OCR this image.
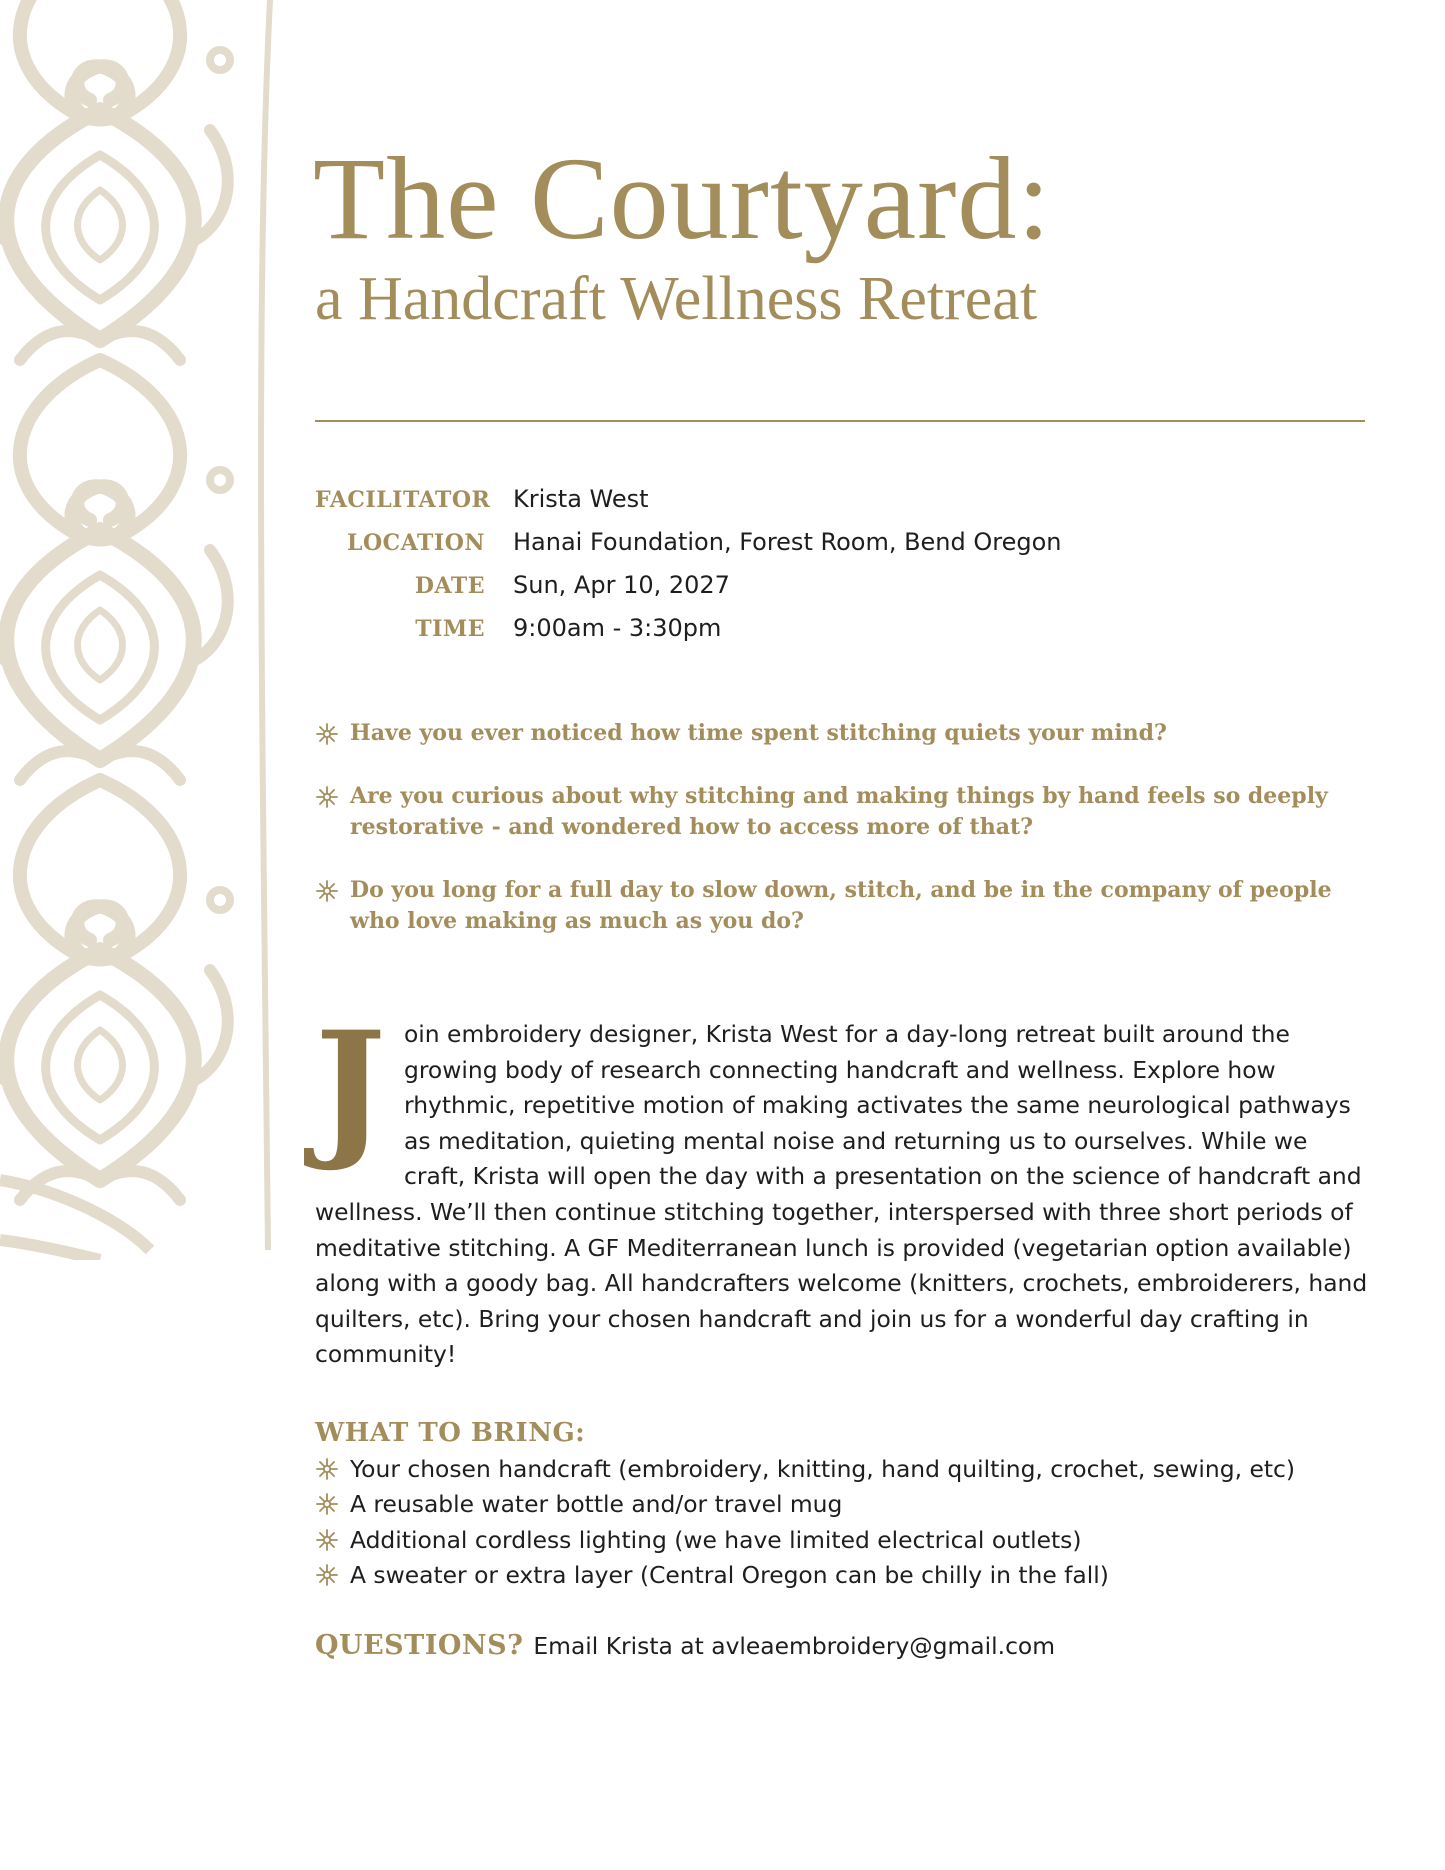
The Courtyard:
a Handcraft Wellness Retreat
FACILITATOR Krista West
LOCATION	Hanai Foundation, Forest Room, Bend Oregon
DATE	Sun, Apr 10, 2027
TIME	9:00am - 3:30pm
Have you ever noticed how time spent stitching quiets your mind?
Are you curious about why stitching and making things by hand feels so deeply restorative - and wondered how to access more of that?
Do you long for a full day to slow down, stitch, and be in the company of people who love making as much as you do?

Join embroidery designer, Krista West for a day-long retreat built around the growing body of research connecting handcraft and wellness. Explore how rhythmic, repetitive motion of making activates the same neurological pathways as meditation, quieting mental noise and returning us to ourselves. While we craft, Krista will open the day with a presentation on the science of handcraft and wellness. We’ll then continue stitching together, interspersed with three short periods of meditative stitching. A GF Mediterranean lunch is provided (vegetarian option available) along with a goody bag. All handcrafters welcome (knitters, crochets, embroiderers, hand quilters, etc). Bring your chosen handcraft and join us for a wonderful day crafting in community!

WHAT TO BRING:
Your chosen handcraft (embroidery, knitting, hand quilting, crochet, sewing, etc)
A reusable water bottle and/or travel mug
Additional cordless lighting (we have limited electrical outlets)
A sweater or extra layer (Central Oregon can be chilly in the fall)
QUESTIONS? Email Krista at avleaembroidery@gmail.com
